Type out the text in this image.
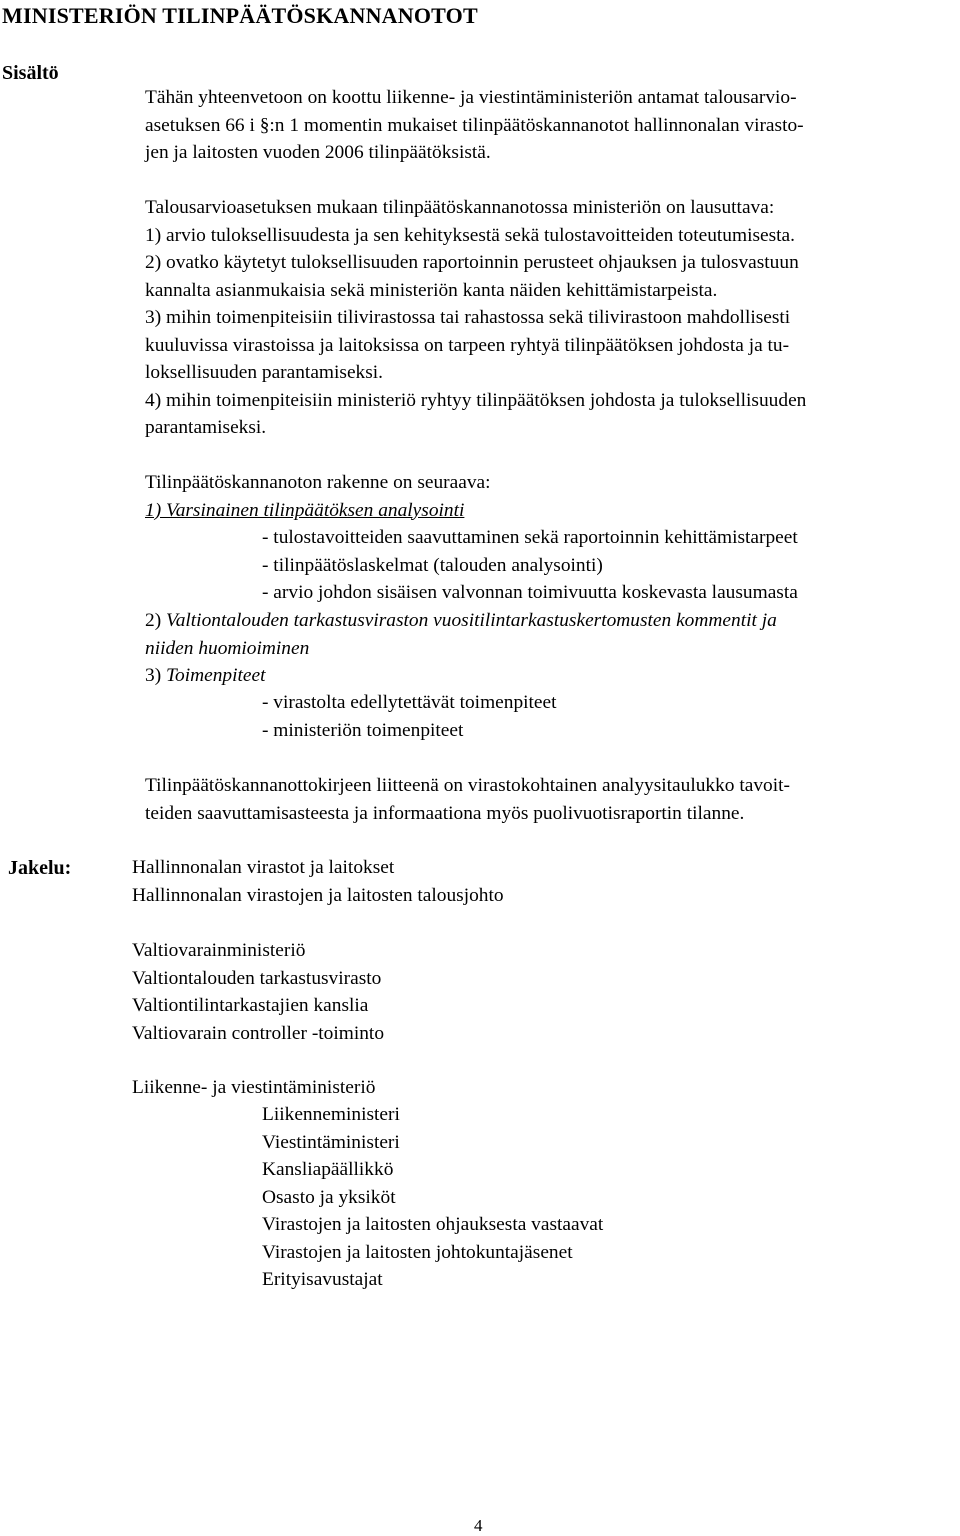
MINISTERIÖN TILINPÄÄTÖSKANNANOTOT
Sisältö
Tähän yhteenvetoon on koottu liikenne- ja viestintäministeriön antamat talousarvio-
asetuksen 66 i §:n 1 momentin mukaiset tilinpäätöskannanotot hallinnonalan virasto-
jen ja laitosten vuoden 2006 tilinpäätöksistä.
Talousarvioasetuksen mukaan tilinpäätöskannanotossa ministeriön on lausuttava:
1) arvio tuloksellisuudesta ja sen kehityksestä sekä tulostavoitteiden toteutumisesta.
2) ovatko käytetyt tuloksellisuuden raportoinnin perusteet ohjauksen ja tulosvastuun
kannalta asianmukaisia sekä ministeriön kanta näiden kehittämistarpeista.
3) mihin toimenpiteisiin tilivirastossa tai rahastossa sekä tilivirastoon mahdollisesti
kuuluvissa virastoissa ja laitoksissa on tarpeen ryhtyä tilinpäätöksen johdosta ja tu-
loksellisuuden parantamiseksi.
4) mihin toimenpiteisiin ministeriö ryhtyy tilinpäätöksen johdosta ja tuloksellisuuden
parantamiseksi.
Tilinpäätöskannanoton rakenne on seuraava:
1) Varsinainen tilinpäätöksen analysointi
- tulostavoitteiden saavuttaminen sekä raportoinnin kehittämistarpeet
- tilinpäätöslaskelmat (talouden analysointi)
- arvio johdon sisäisen valvonnan toimivuutta koskevasta lausumasta
2) Valtiontalouden tarkastusviraston vuositilintarkastuskertomusten kommentit ja
niiden huomioiminen
3) Toimenpiteet
- virastolta edellytettävät toimenpiteet
- ministeriön toimenpiteet
Tilinpäätöskannanottokirjeen liitteenä on virastokohtainen analyysitaulukko tavoit-
teiden saavuttamisasteesta ja informaationa myös puolivuotisraportin tilanne.
Jakelu:	Hallinnonalan virastot ja laitokset
Hallinnonalan virastojen ja laitosten talousjohto
Valtiovarainministeriö
Valtiontalouden tarkastusvirasto
Valtiontilintarkastajien kanslia
Valtiovarain controller -toiminto
Liikenne- ja viestintäministeriö
Liikenneministeri
Viestintäministeri
Kansliapäällikkö
Osasto ja yksiköt
Virastojen ja laitosten ohjauksesta vastaavat
Virastojen ja laitosten johtokuntajäsenet
Erityisavustajat
4
